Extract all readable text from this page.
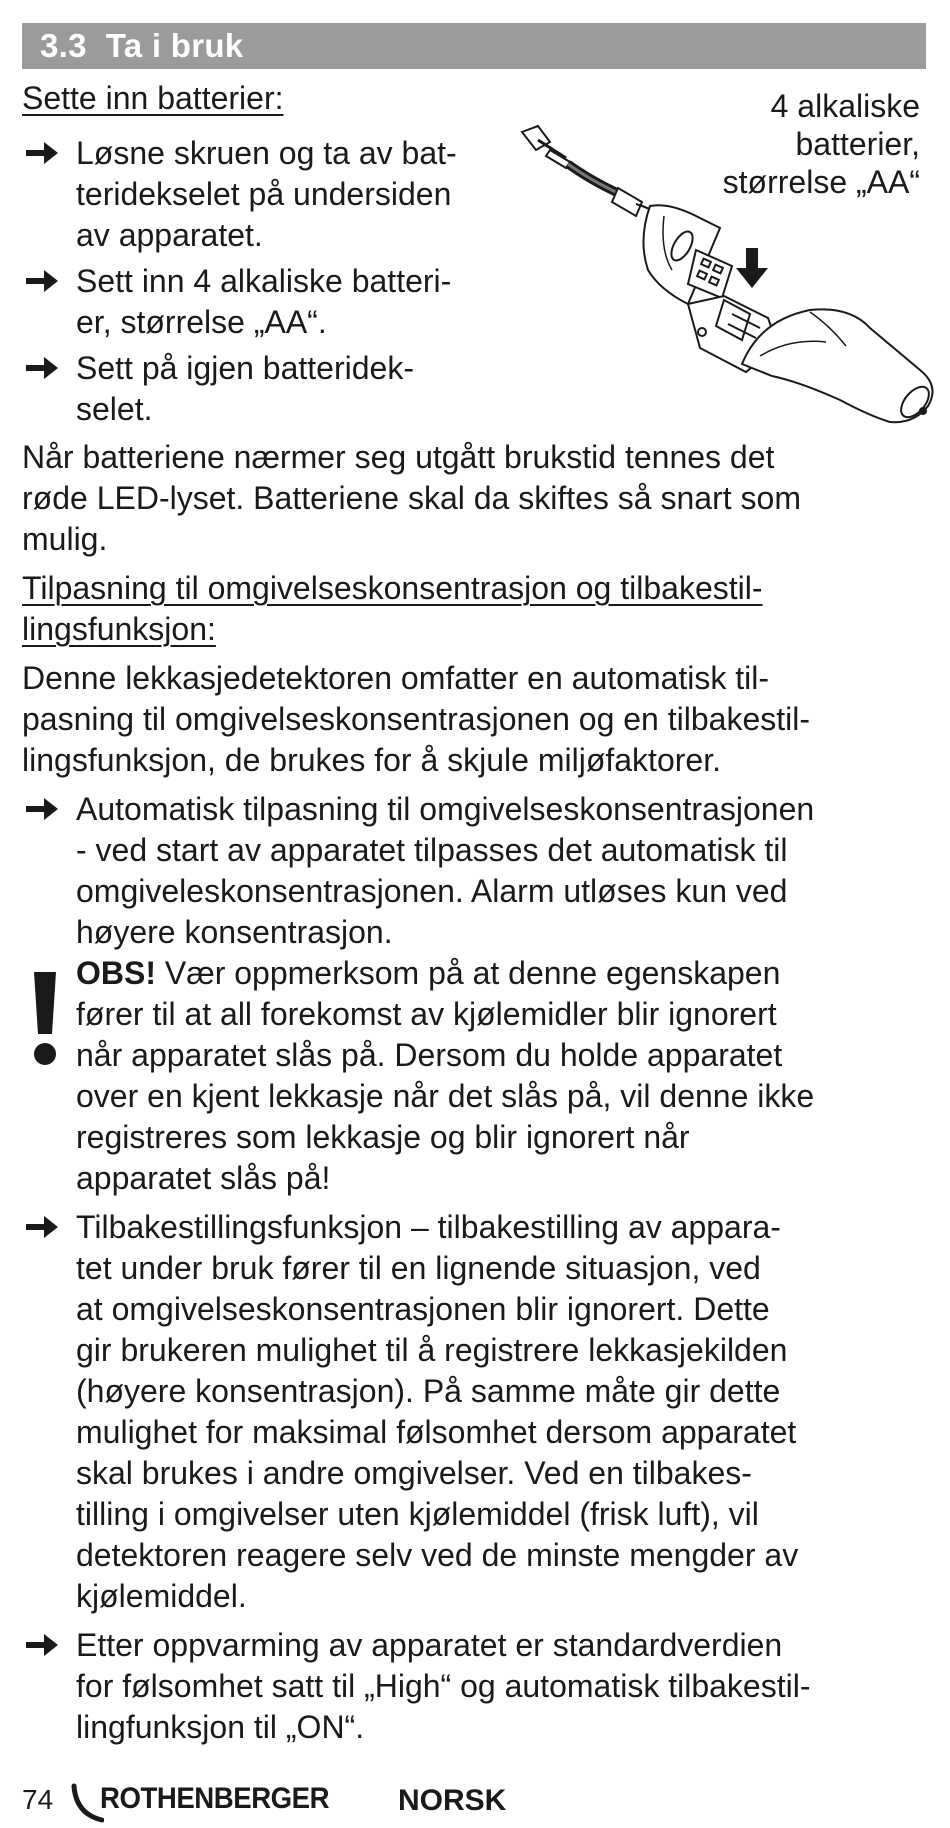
3.3 Ta i bruk
Sette inn batterier:
Løsne skruen og ta av bat-
teridekselet på undersiden
av apparatet.
Sett inn 4 alkaliske batteri-
er, størrelse „AA“.
Sett på igjen batteridek-
selet.
4 alkaliske
batterier,
størrelse „AA“
Når batteriene nærmer seg utgått brukstid tennes det
røde LED-lyset. Batteriene skal da skiftes så snart som
mulig.
Tilpasning til omgivelseskonsentrasjon og tilbakestil-
lingsfunksjon:
Denne lekkasjedetektoren omfatter en automatisk til-
pasning til omgivelseskonsentrasjonen og en tilbakestil-
lingsfunksjon, de brukes for å skjule miljøfaktorer.
Automatisk tilpasning til omgivelseskonsentrasjonen
- ved start av apparatet tilpasses det automatisk til
omgiveleskonsentrasjonen. Alarm utløses kun ved
høyere konsentrasjon.
OBS! Vær oppmerksom på at denne egenskapen
fører til at all forekomst av kjølemidler blir ignorert
når apparatet slås på. Dersom du holde apparatet
over en kjent lekkasje når det slås på, vil denne ikke
registreres som lekkasje og blir ignorert når
apparatet slås på!
Tilbakestillingsfunksjon – tilbakestilling av appara-
tet under bruk fører til en lignende situasjon, ved
at omgivelseskonsentrasjonen blir ignorert. Dette
gir brukeren mulighet til å registrere lekkasjekilden
(høyere konsentrasjon). På samme måte gir dette
mulighet for maksimal følsomhet dersom apparatet
skal brukes i andre omgivelser. Ved en tilbakes-
tilling i omgivelser uten kjølemiddel (frisk luft), vil
detektoren reagere selv ved de minste mengder av
kjølemiddel.
Etter oppvarming av apparatet er standardverdien
for følsomhet satt til „High“ og automatisk tilbakestil-
lingfunksjon til „ON“.
74 ROTHENBERGER NORSK
